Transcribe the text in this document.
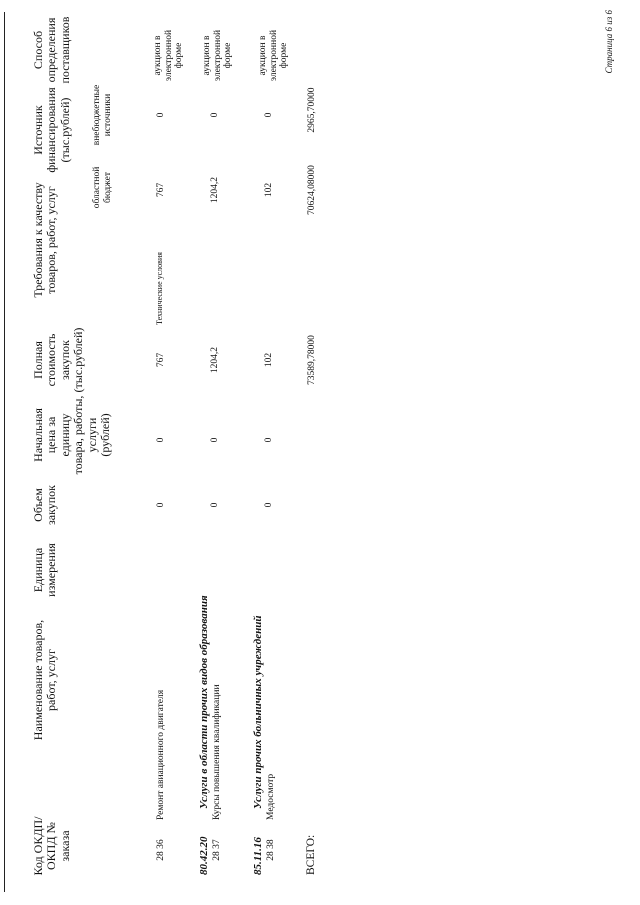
Код ОКДП/ ОКПД № заказа
Наименование товаров, работ, услуг
Единица измерения
Объем закупок
Начальная цена за единицу товара, работы, услуги (рублей)
Полная стоимость закупок (тыс.рублей)
Требования к качеству товаров, работ, услуг
Источник финансирования (тыс.рублей)
областной бюджет
внебюджетные источники
Способ определения поставщиков
28 36
Ремонт авиационного двигателя
0
0
767
Технические условия
767
0
аукцион в электронной форме
80.42.20
Услуги в области прочих видов образования
28 37
Курсы повышения квалификации
0
0
1204,2
1204,2
0
аукцион в электронной форме
85.11.16
Услуги прочих больничных учреждений
28 38
Медосмотр
0
0
102
102
0
аукцион в электронной форме
ВСЕГО:
73589,78000
70624,08000
2965,70000
Страница 6 из 6
